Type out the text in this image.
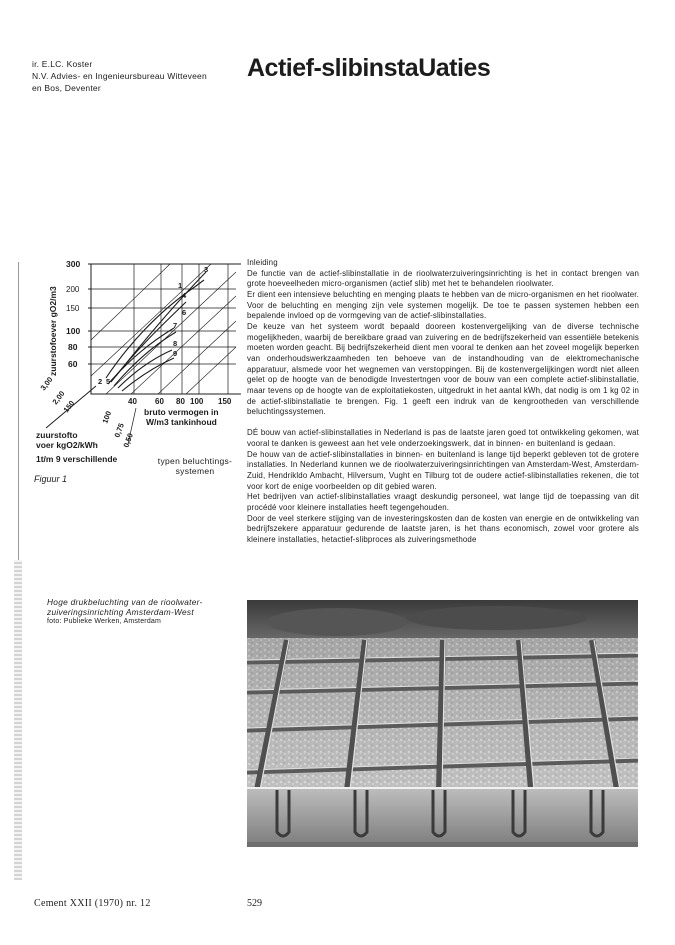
ir. E.LC. Koster
N.V. Advies- en Ingenieursbureau Witteveen
en Bos, Deventer
Actief-slibinstaUaties
300
200
150
100
80
60
zuurstofoever gO2/m3
40 60 80 100 150
bruto vermogen in
W/m3 tankinhoud
3,00
2,00
150
100
0,75
0,50
zuurstofto
voer kgO2/kWh
1t/m 9 verschillende
3
1
4
6
7
8
9
2 5
typen beluchtings-
systemen
Figuur 1

Inleiding

De functie van de actief-slibinstallatie in de rioolwaterzuiveringsinrichting is het in contact brengen van grote hoeveelheden micro-organismen (actief slib) met het te behandelen rioolwater.

Er dient een intensieve beluchting en menging plaats te hebben van de micro-organismen en het rioolwater. Voor de beluchting en menging zijn vele systemen mogelijk. De toe te passen systemen hebben een bepalende invloed op de vormgeving van de actief-slibinstallaties.

De keuze van het systeem wordt bepaald dooreen kostenvergelijking van de diverse technische mogelijkheden, waarbij de bereikbare graad van zuivering en de bedrijfszekerheid van essentiële betekenis moeten worden geacht. Bij bedrijfszekerheid dient men vooral te denken aan het zoveel mogelijk beperken van onderhoudswerkzaamheden ten behoeve van de instandhouding van de elektromechanische apparatuur, alsmede voor het wegnemen van verstoppingen. Bij de kostenvergelijkingen wordt niet alleen gelet op de hoogte van de benodigde Investertngen voor de bouw van een complete actief-slibinstallatie, maar tevens op de hoogte van de exploitatiekosten, uitgedrukt in het aantal kWh, dat nodig is om 1 kg 02 in de actief-slibinstallatie te brengen. Fig. 1 geeft een indruk van de kengrootheden van verschillende beluchtingssystemen.

DÉ bouw van actief-slibinstallaties in Nederland is pas de laatste jaren goed tot ontwikkeling gekomen, wat vooral te danken is geweest aan het vele onderzoekingswerk, dat in binnen- en buitenland is gedaan.

De houw van de actief-slibinstallaties in binnen- en buitenland is lange tijd beperkt gebleven tot de grotere installaties. In Nederland kunnen we de rioolwaterzuiveringsinrichtingen van Amsterdam-West, Amsterdam-Zuid, Hendrikldo Ambacht, Hilversum, Vught en Tilburg tot de oudere actief-slibinstallaties rekenen, die tot voor kort de enige voorbeelden op dit gebied waren.

Het bedrijven van actief-slibinstallaties vraagt deskundig personeel, wat lange tijd de toepassing van dit procédé voor kleinere installaties heeft tegengehouden.

Door de veel sterkere stijging van de investeringskosten dan de kosten van energie en de ontwikkeling van bedrijfszekere apparatuur gedurende de laatste jaren, is het thans economisch, zowel voor grotere als kleinere installaties, hetactief-slibproces als zuiveringsmethode

Hoge drukbeluchting van de rioolwater-
zuiveringsinrichting Amsterdam-West
foto: Publieke Werken, Amsterdam
Cement XXII (1970) nr. 12	529
